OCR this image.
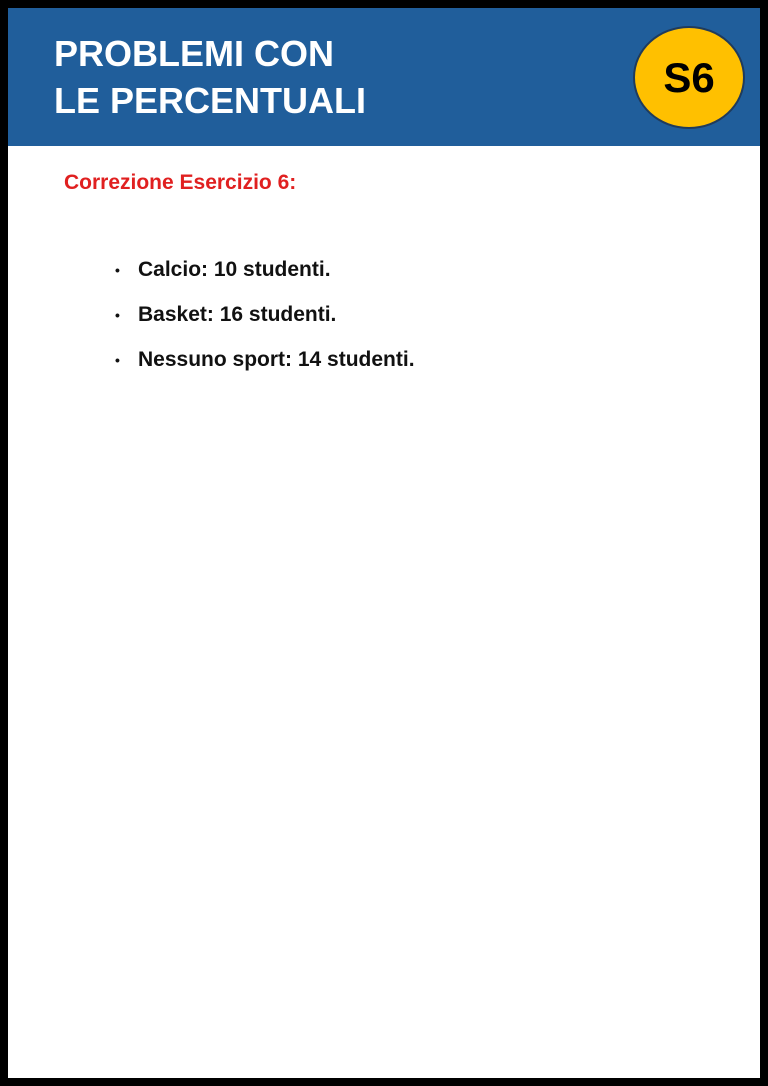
PROBLEMI CON
LE PERCENTUALI	S6

Correzione Esercizio 6:

• Calcio: 10 studenti.
• Basket: 16 studenti.
• Nessuno sport: 14 studenti.
